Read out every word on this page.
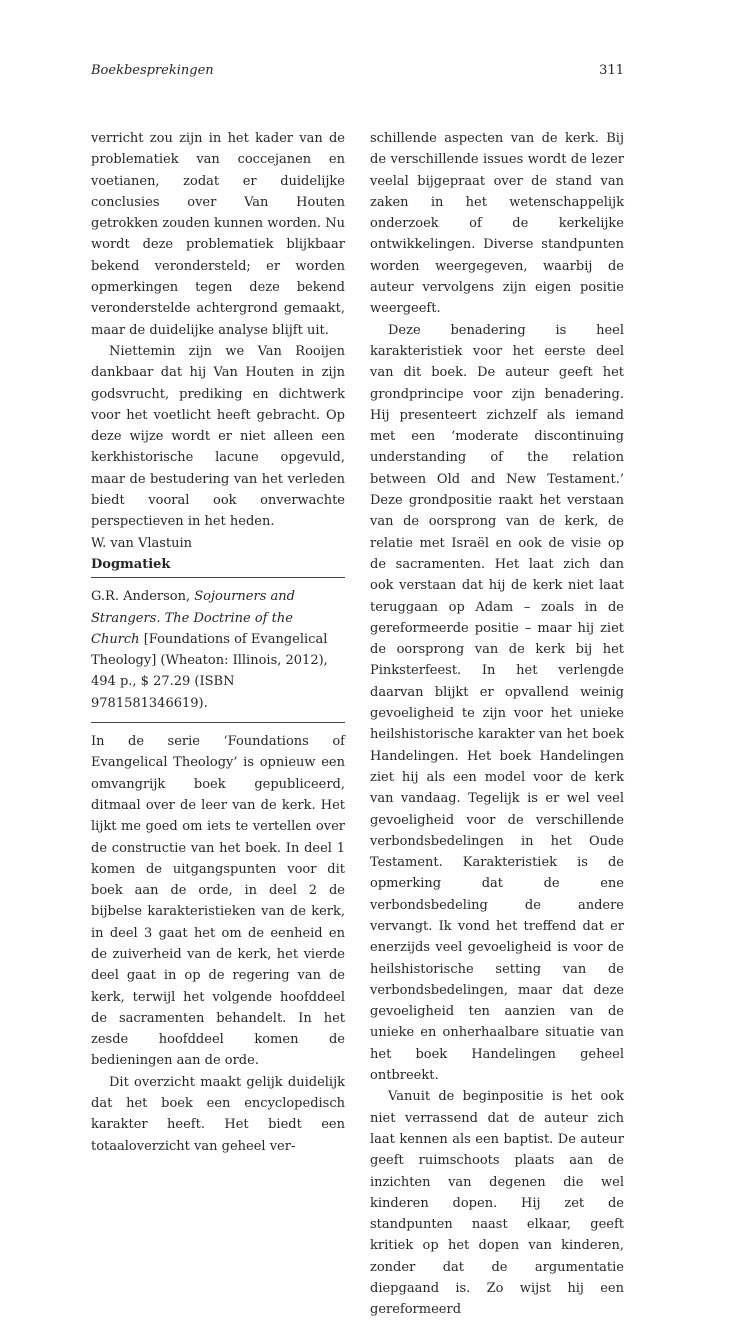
Boekbesprekingen	311

verricht zou zijn in het kader van de problematiek van coccejanen en voetianen, zodat er duidelijke conclusies over Van Houten getrokken zouden kunnen worden. Nu wordt deze problematiek blijkbaar bekend verondersteld; er worden opmerkingen tegen deze bekend veronderstelde achtergrond gemaakt, maar de duidelijke analyse blijft uit.

Niettemin zijn we Van Rooijen dankbaar dat hij Van Houten in zijn godsvrucht, prediking en dichtwerk voor het voetlicht heeft gebracht. Op deze wijze wordt er niet alleen een kerkhistorische lacune opgevuld, maar de bestudering van het verleden biedt vooral ook onverwachte perspectieven in het heden.

W. van Vlastuin

Dogmatiek

G.R. Anderson, Sojourners and Strangers. The Doctrine of the Church [Foundations of Evangelical Theology] (Wheaton: Illinois, 2012), 494 p., $ 27.29 (ISBN 9781581346619).

In de serie ‘Foundations of Evangelical Theology’ is opnieuw een omvangrijk boek gepubliceerd, ditmaal over de leer van de kerk. Het lijkt me goed om iets te vertellen over de constructie van het boek. In deel 1 komen de uitgangspunten voor dit boek aan de orde, in deel 2 de bijbelse karakteristieken van de kerk, in deel 3 gaat het om de eenheid en de zuiverheid van de kerk, het vierde deel gaat in op de regering van de kerk, terwijl het volgende hoofddeel de sacramenten behandelt. In het zesde hoofddeel komen de bedieningen aan de orde.

Dit overzicht maakt gelijk duidelijk dat het boek een encyclopedisch karakter heeft. Het biedt een totaaloverzicht van geheel ver-

schillende aspecten van de kerk. Bij de verschillende issues wordt de lezer veelal bijgepraat over de stand van zaken in het wetenschappelijk onderzoek of de kerkelijke ontwikkelingen. Diverse standpunten worden weergegeven, waarbij de auteur vervolgens zijn eigen positie weergeeft.

Deze benadering is heel karakteristiek voor het eerste deel van dit boek. De auteur geeft het grondprincipe voor zijn benadering. Hij presenteert zichzelf als iemand met een ‘moderate discontinuing understanding of the relation between Old and New Testament.’ Deze grondpositie raakt het verstaan van de oorsprong van de kerk, de relatie met Israël en ook de visie op de sacramenten. Het laat zich dan ook verstaan dat hij de kerk niet laat teruggaan op Adam – zoals in de gereformeerde positie – maar hij ziet de oorsprong van de kerk bij het Pinksterfeest. In het verlengde daarvan blijkt er opvallend weinig gevoeligheid te zijn voor het unieke heilshistorische karakter van het boek Handelingen. Het boek Handelingen ziet hij als een model voor de kerk van vandaag. Tegelijk is er wel veel gevoeligheid voor de verschillende verbondsbedelingen in het Oude Testament. Karakteristiek is de opmerking dat de ene verbondsbedeling de andere vervangt. Ik vond het treffend dat er enerzijds veel gevoeligheid is voor de heilshistorische setting van de verbondsbedelingen, maar dat deze gevoeligheid ten aanzien van de unieke en onherhaalbare situatie van het boek Handelingen geheel ontbreekt.

Vanuit de beginpositie is het ook niet verrassend dat de auteur zich laat kennen als een baptist. De auteur geeft ruimschoots plaats aan de inzichten van degenen die wel kinderen dopen. Hij zet de standpunten naast elkaar, geeft kritiek op het dopen van kinderen, zonder dat de argumentatie diepgaand is. Zo wijst hij een gereformeerd
